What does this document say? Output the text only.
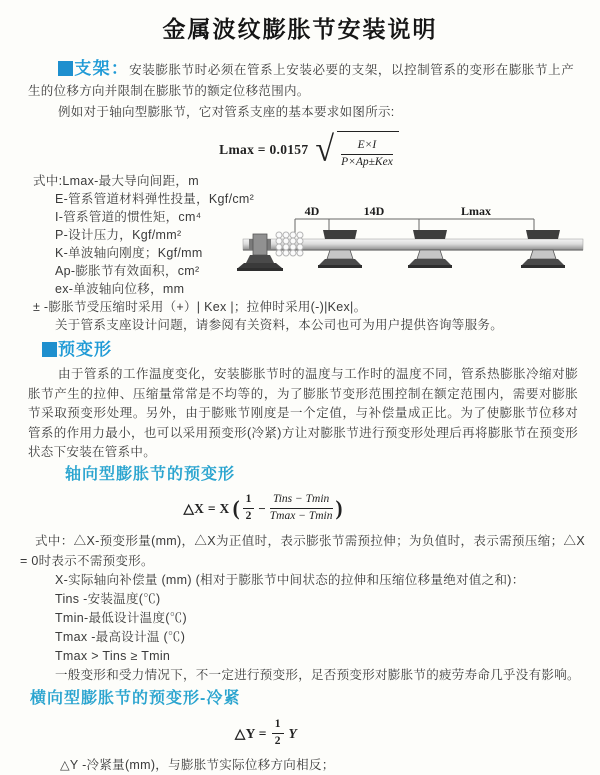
金属波纹膨胀节安装说明

支架：安装膨胀节时必须在管系上安装必要的支架，以控制管系的变形在膨胀节上产生的位移方向并限制在膨胀节的额定位移范围内。

例如对于轴向型膨胀节，它对管系支座的基本要求如图所示:

Lmax = 0.0157 √ $\frac{E\times I}{\text{P×Ap±Kex}}$
式中:Lmax-最大导向间距，m
E-管系管道材料弹性投量，Kgf/cm²
I-管系管道的惯性矩，cm⁴
P-设计压力，Kgf/mm²
K-单波轴向刚度；Kgf/mm
Ap-膨胀节有效面积，cm²
ex-单波轴向位移，mm
± -膨胀节受压缩时采用（+）| Kex |；拉伸时采用(-)|Kex|。
关于管系支座设计问题，请参阅有关资料，本公司也可为用户提供咨询等服务。
4D	14D	Lmax
预变形

由于管系的工作温度变化，安装膨胀节时的温度与工作时的温度不同，管系热膨胀冷缩对膨胀节产生的拉伸、压缩量常常是不均等的，为了膨胀节变形范围控制在额定范围内，需要对膨胀节采取预变形处理。另外，由于膨账节刚度是一个定值，与补偿量成正比。为了使膨胀节位移对管系的作用力最小，也可以采用预变形(冷紧)方让对膨胀节进行预变形处理后再将膨胀节在预变形状态下安装在管系中。

轴向型膨胀节的预变形
△X = X ( $\frac{1}{2} - \frac{\text{Tins − Tmin}}{Tmax - Tmin}$ )

式中：△X-预变形量(mm)，△X为正值时，表示膨张节需预拉伸；为负值时，表示需预压缩；△X = 0时表示不需预变形。

X-实际轴向补偿量 (mm) (相对于膨胀节中间状态的拉伸和压缩位移量绝对值之和)：
Tins -安装温度(℃)
Tmin-最低设计温度(℃)
Tmax -最高设计温 (℃)
Tmax > Tins ≥ Tmin
一般变形和受力情况下，不一定进行预变形，足否预变形对膨胀节的疲劳寿命几乎没有影响。
横向型膨胀节的预变形-冷紧
△Y = $\frac{1}{2}$ Y
△Y -冷紧量(mm)，与膨胀节实际位移方向相反；
